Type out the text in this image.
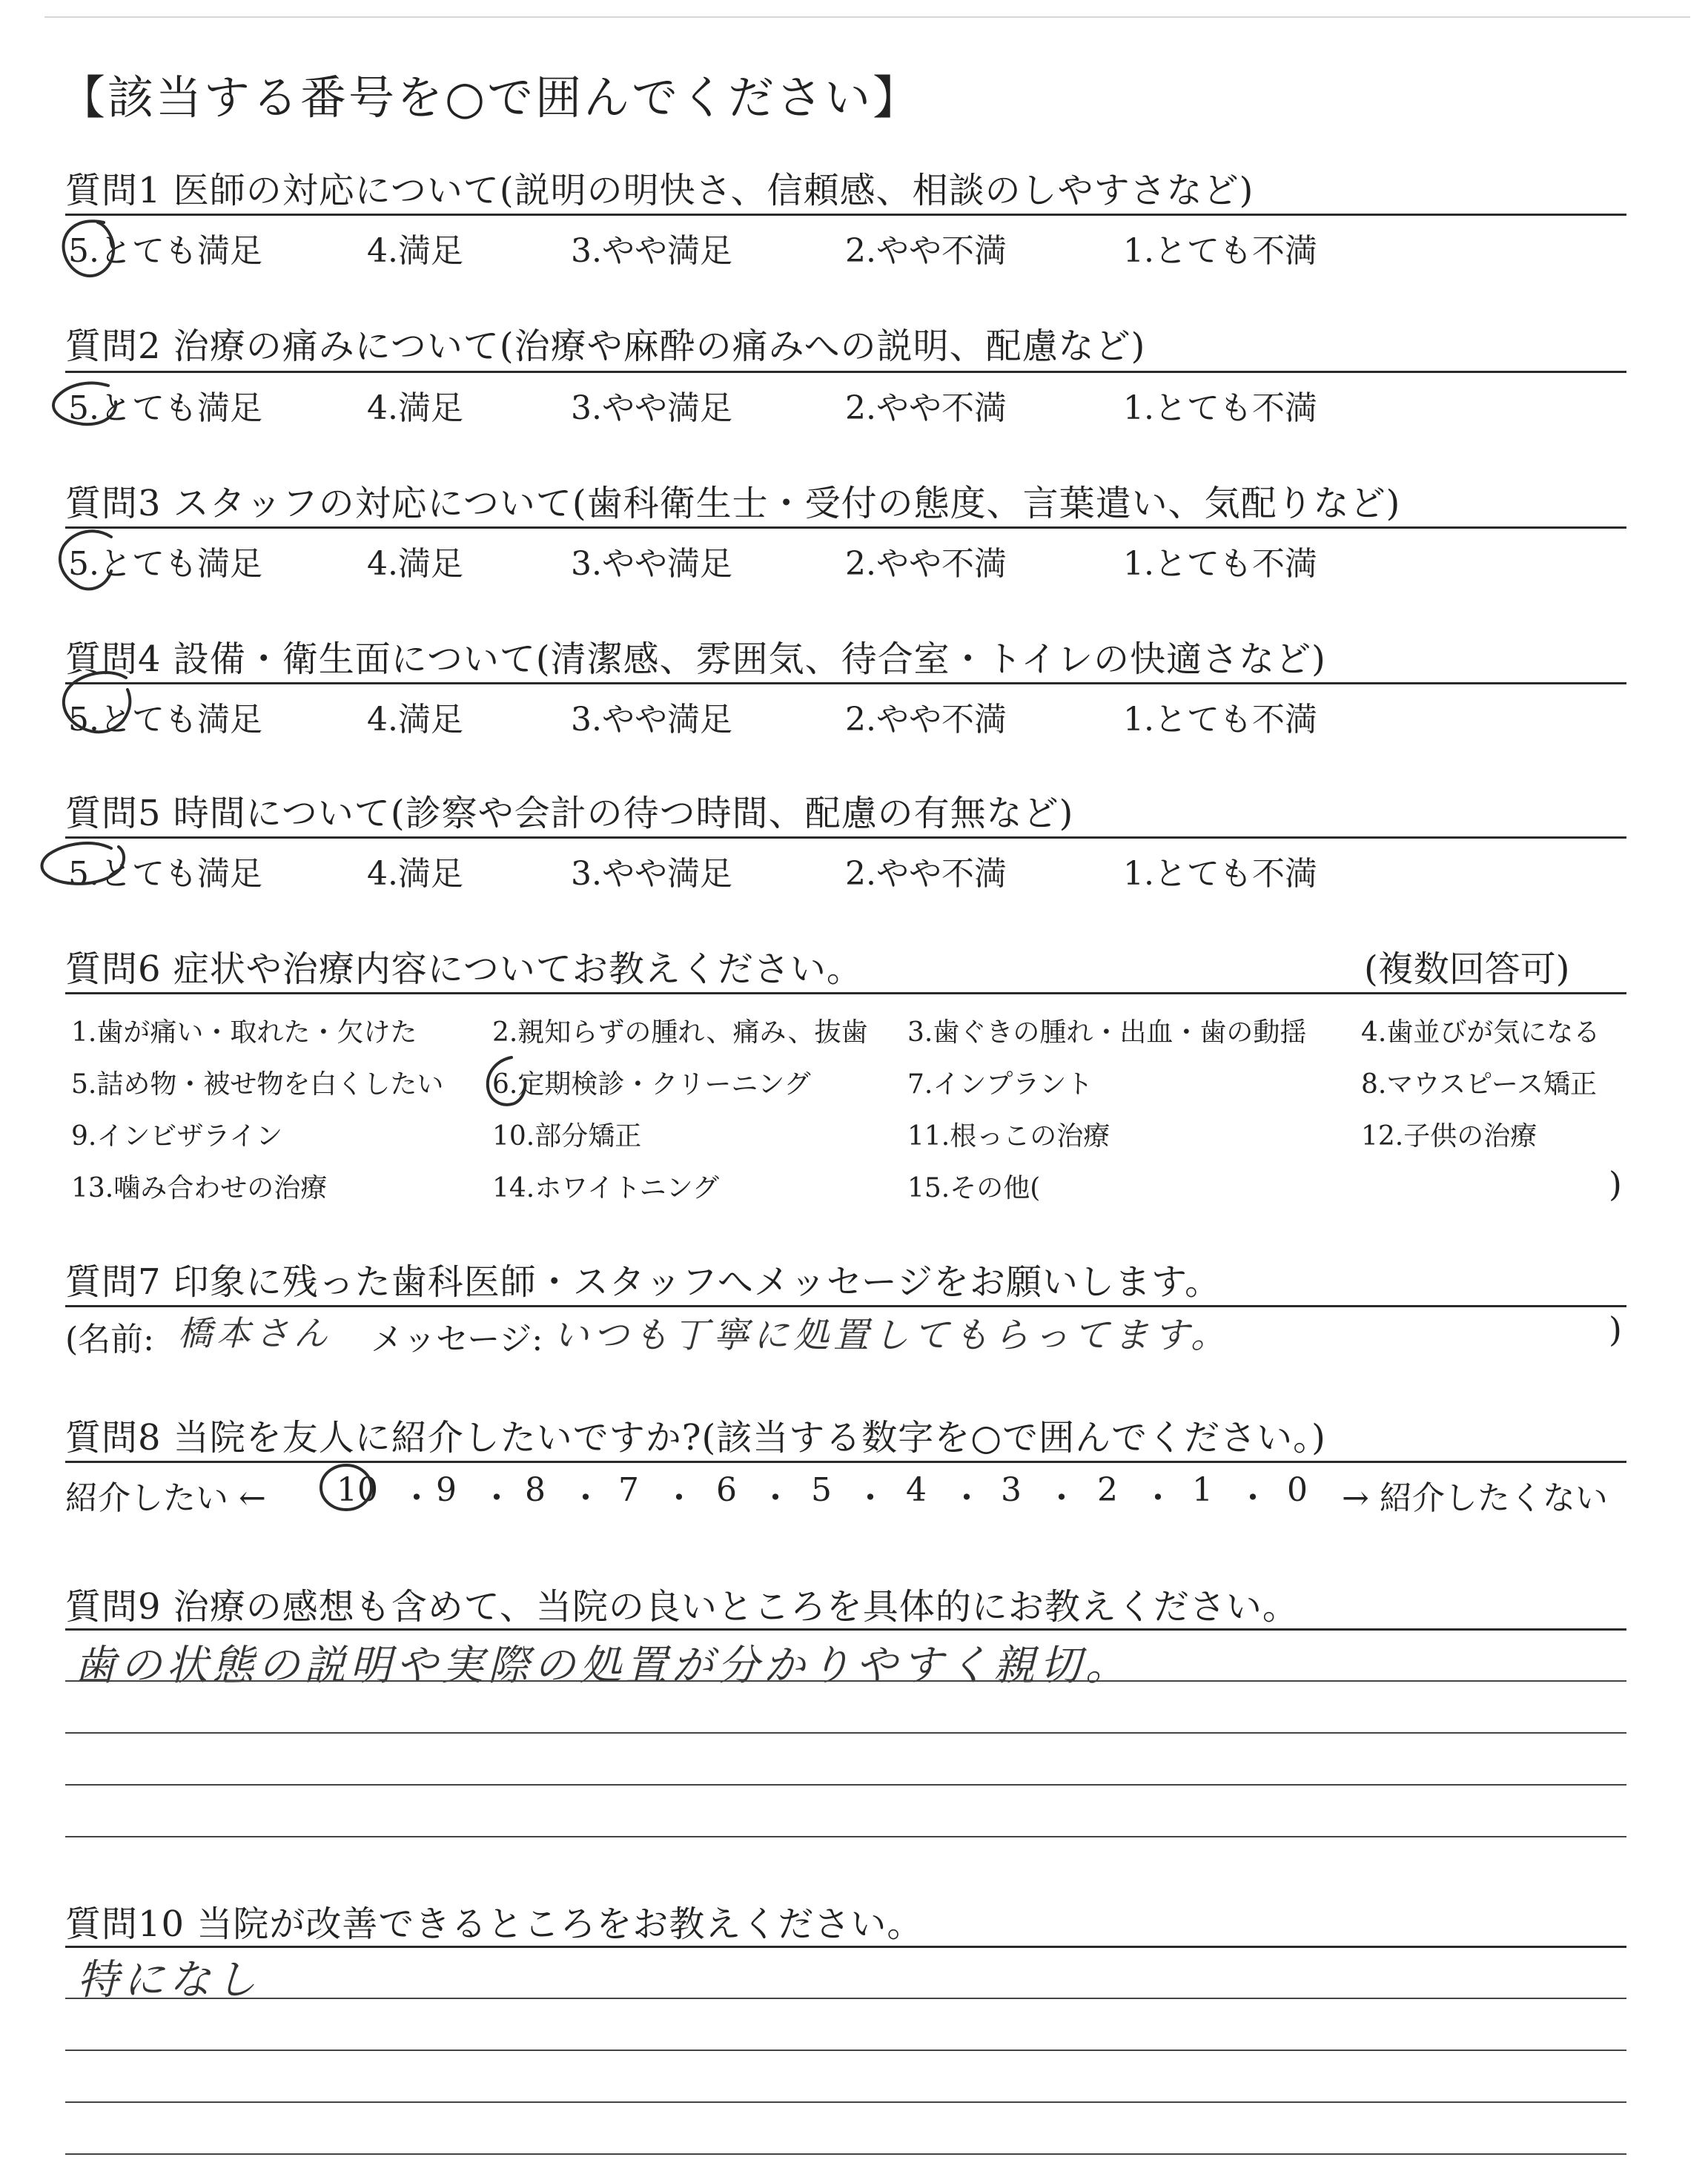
【該当する番号を○で囲んでください】
質問1 医師の対応について(説明の明快さ、信頼感、相談のしやすさなど)
5.とても満足	4.満足	3.やや満足	2.やや不満	1.とても不満
質問2 治療の痛みについて(治療や麻酔の痛みへの説明、配慮など)
5.とても満足	4.満足	3.やや満足	2.やや不満	1.とても不満
質問3 スタッフの対応について(歯科衛生士・受付の態度、言葉遣い、気配りなど)
5.とても満足	4.満足	3.やや満足	2.やや不満	1.とても不満
質問4 設備・衛生面について(清潔感、雰囲気、待合室・トイレの快適さなど)
5.とても満足	4.満足	3.やや満足	2.やや不満	1.とても不満
質問5 時間について(診察や会計の待つ時間、配慮の有無など)
5.とても満足	4.満足	3.やや満足	2.やや不満	1.とても不満
質問6 症状や治療内容についてお教えください。	(複数回答可)
1.歯が痛い・取れた・欠けた	2.親知らずの腫れ、痛み、抜歯 3.歯ぐきの腫れ・出血・歯の動揺 4.歯並びが気になる
5.詰め物・被せ物を白くしたい 6.定期検診・クリーニング	7.インプラント	8.マウスピース矯正
9.インビザライン	10.部分矯正	11.根っこの治療	12.子供の治療
13.噛み合わせの治療	14.ホワイトニング	15.その他(	)
質問7 印象に残った歯科医師・スタッフへメッセージをお願いします。
(名前: 橋本さん メッセージ: いつも丁寧に処置してもらってます。	)
質問8 当院を友人に紹介したいですか?(該当する数字を○で囲んでください。)
紹介したい ← 10 ・ 9 ・ 8 ・ 7 ・ 6 ・ 5 ・ 4 ・ 3 ・ 2 ・ 1 ・ 0 → 紹介したくない
質問9 治療の感想も含めて、当院の良いところを具体的にお教えください。
歯の状態の説明や実際の処置が分かりやすく親切。
質問10 当院が改善できるところをお教えください。
特になし
